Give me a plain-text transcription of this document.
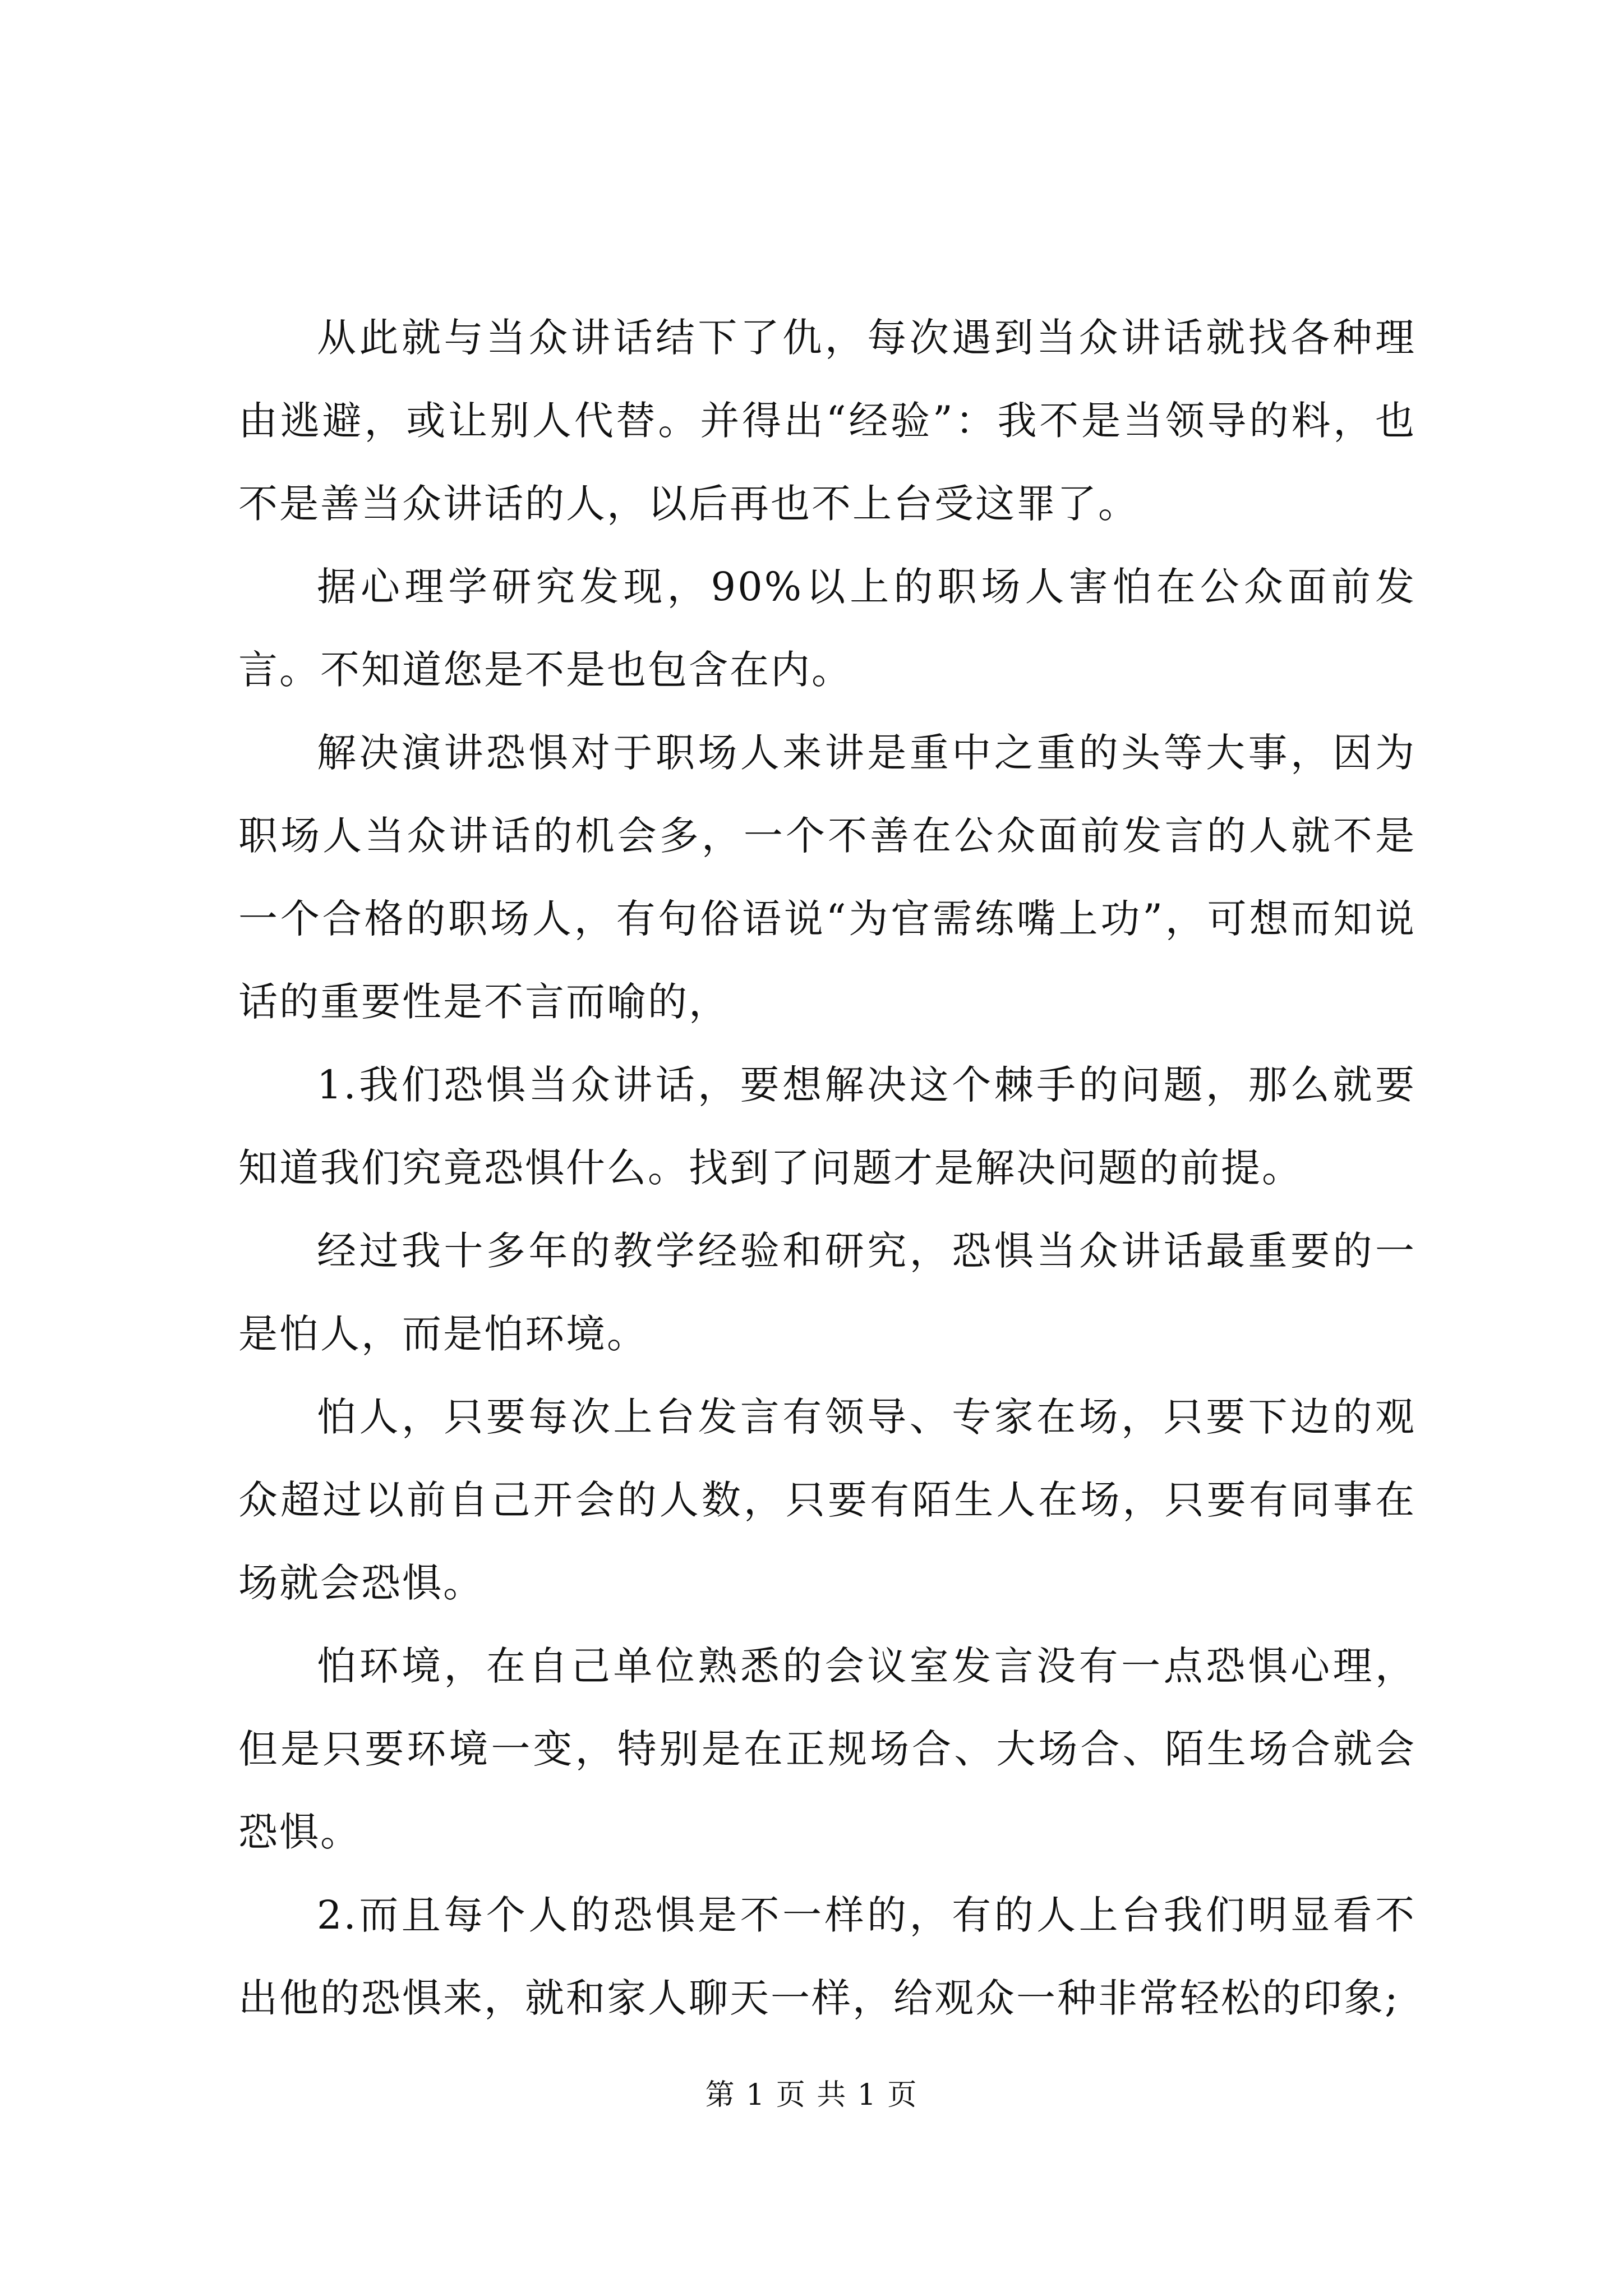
从此就与当众讲话结下了仇，每次遇到当众讲话就找各种理由逃避，或让别人代替。并得出“经验”：我不是当领导的料，也不是善当众讲话的人，以后再也不上台受这罪了。

据心理学研究发现，90%以上的职场人害怕在公众面前发言。不知道您是不是也包含在内。

解决演讲恐惧对于职场人来讲是重中之重的头等大事，因为职场人当众讲话的机会多，一个不善在公众面前发言的人就不是一个合格的职场人，有句俗语说“为官需练嘴上功”，可想而知说话的重要性是不言而喻的，

1.我们恐惧当众讲话，要想解决这个棘手的问题，那么就要知道我们究竟恐惧什么。找到了问题才是解决问题的前提。

经过我十多年的教学经验和研究，恐惧当众讲话最重要的一是怕人，而是怕环境。

怕人，只要每次上台发言有领导、专家在场，只要下边的观众超过以前自己开会的人数，只要有陌生人在场，只要有同事在场就会恐惧。

怕环境，在自己单位熟悉的会议室发言没有一点恐惧心理，但是只要环境一变，特别是在正规场合、大场合、陌生场合就会恐惧。

2.而且每个人的恐惧是不一样的，有的人上台我们明显看不出他的恐惧来，就和家人聊天一样，给观众一种非常轻松的印象;

第 1 页 共 1 页
